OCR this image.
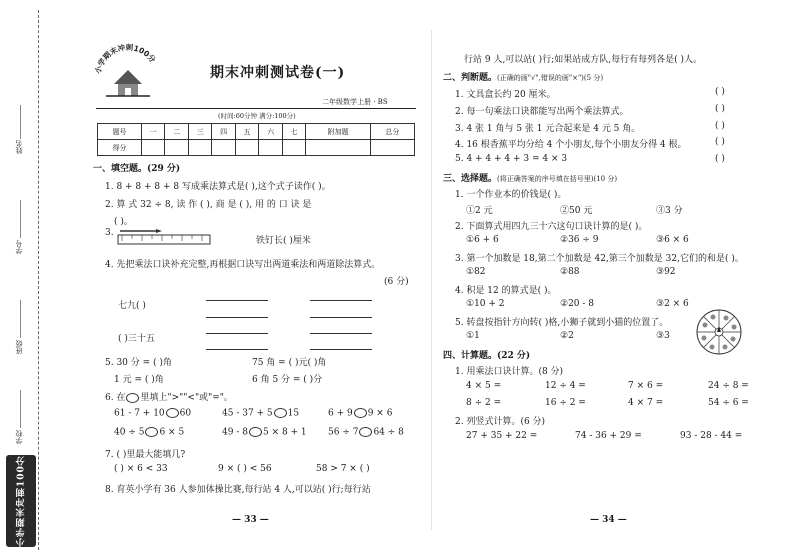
姓名
学号
班级
学校
小学期末冲刺100分
小学期末冲刺100分
期末冲刺测试卷(一)
二年级数学上册 · BS
(时间:60分钟 满分:100分)
题号	一	二	三	四	五	六	七	附加题	总分
得分									
一、填空题。(29 分)
1. 8 + 8 + 8 + 8 写成乘法算式是( ),这个式子读作( )。
2. 算 式 32 ÷ 8, 读 作 ( ), 商 是 ( ), 用 的 口 诀 是
( )。
3.
铁钉长( )厘米
4. 先把乘法口诀补充完整,再根据口诀写出两道乘法和两道除法算式。
(6 分)
七九( )
( )三十五
5. 30 分 = ( )角	75 角 = ( )元( )角
1 元 = ( )角	6 角 5 分 = ( )分
6. 在 里填上">""<"或"="。
61 - 7 + 10 60	45 - 37 + 5 15	6 + 9 9 × 6
40 ÷ 5 6 × 5	49 - 8 5 × 8 + 1 56 ÷ 7 64 ÷ 8
7. ( )里最大能填几?
( ) × 6 < 33	9 × ( ) < 56	58 > 7 × ( )
8. 育英小学有 36 人参加体操比赛,每行站 4 人,可以站( )行;每行站
— 33 —
行站 9 人,可以站( )行;如果站成方队,每行有每列各是( )人。
二、判断题。(正确的画"√",错误的画"×")(5 分)
1. 文具盒长约 20 厘米。	( )
2. 每一句乘法口诀都能写出两个乘法算式。	( )
3. 4 张 1 角与 5 张 1 元合起来是 4 元 5 角。	( )
4. 16 根香蕉平均分给 4 个小朋友,每个小朋友分得 4 根。	( )
5. 4 + 4 + 4 + 3 = 4 × 3	( )
三、选择题。(将正确答案的序号填在括号里)(10 分)
1. 一个作业本的价钱是( )。
①2 元	②50 元	③3 分
2. 下面算式用四九三十六这句口诀计算的是( )。
①6 + 6	②36 ÷ 9	③6 × 6
3. 第一个加数是 18,第二个加数是 42,第三个加数是 32,它们的和是( )。
①82	②88	③92
4. 积是 12 的算式是( )。
①10 + 2	②20 - 8	③2 × 6
5. 转盘按指针方向转( )格,小狮子就到小猫的位置了。
①1	②2	③3
四、计算题。(22 分)
1. 用乘法口诀计算。(8 分)
4 × 5 =	12 ÷ 4 =	7 × 6 =	24 ÷ 8 =
8 ÷ 2 =	16 ÷ 2 =	4 × 7 =	54 ÷ 6 =
2. 列竖式计算。(6 分)
27 + 35 + 22 =	74 - 36 + 29 =	93 - 28 - 44 =
— 34 —
